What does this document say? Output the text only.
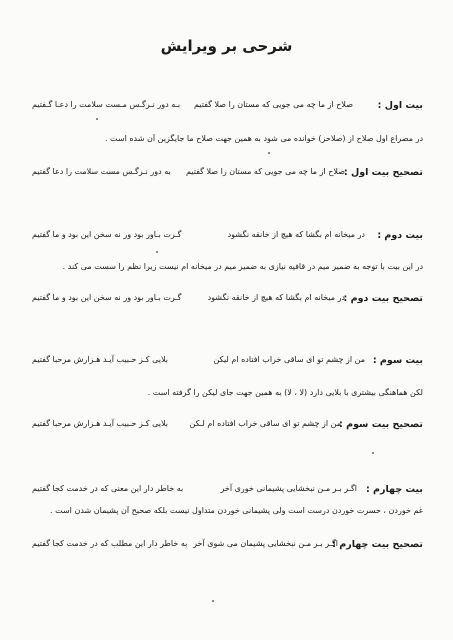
شرحی بر ویرایش
بیت اول :
صلاح از ما چه می جویی که مستان را صلا گفتیم
بـه دور نـرگـس مـست سلامت را دعـا گـفتیم
در مصراع اول صلاح از (صلاحز) خوانده می شود به همین جهت صلاح ما جایگزین آن شده است .
تصحیح بیت اول :
صلاح از ما چه می جویی که مستان را صلا گفتیم
به دور نـرگـس مست سلامت را دعا گفتیم
بیت دوم :
در میخانه ام بگشا که هیچ از خانقه نگشود
گـرت بـاور بود ور نه سخن این بود و ما گفتیم
در این بیت با توجه به ضمیر میم در قافیه نیازی به ضمیر میم در میخانه ام نیست زیرا نظم را سست می کند .
تصحیح بیت دوم :
در میخانه ام بگشا که هیچ از خانقه نگشود
گـرت بـاور بود ور نه سخن این بود و ما گفتیم
بیت سوم :
من از چشم تو ای ساقی خراب افتاده ام لیکن
بلایی کـز حـبیب آیـد هـزارش مرحبا گفتیم
لکن هماهنگی بیشتری با بلایی دارد (لا ، لا) به همین جهت جای لیکن را گرفته است .
تصحیح بیت سوم :
من از چشم تو ای ساقی خراب افتاده ام لـکن
بلایی کـز حـبیب آیـد هـزارش مرحبا گفتیم
بیت چهارم :
اگـر بـر مـن نبخشایی پشیمانی خوری آخر
به خاطر دار این معنی که در خدمت کجا گفتیم
غم خوردن ، حسرت خوردن درست است ولی پشیمانی خوردن متداول نیست بلکه صحیح آن پشیمان شدن است .
تصحیح بیت چهارم :
اگـر بـر مـن نبخشایی پشیمان می شوی آخر
به خاطر دار این مطلب که در خدمت کجا گفتیم
